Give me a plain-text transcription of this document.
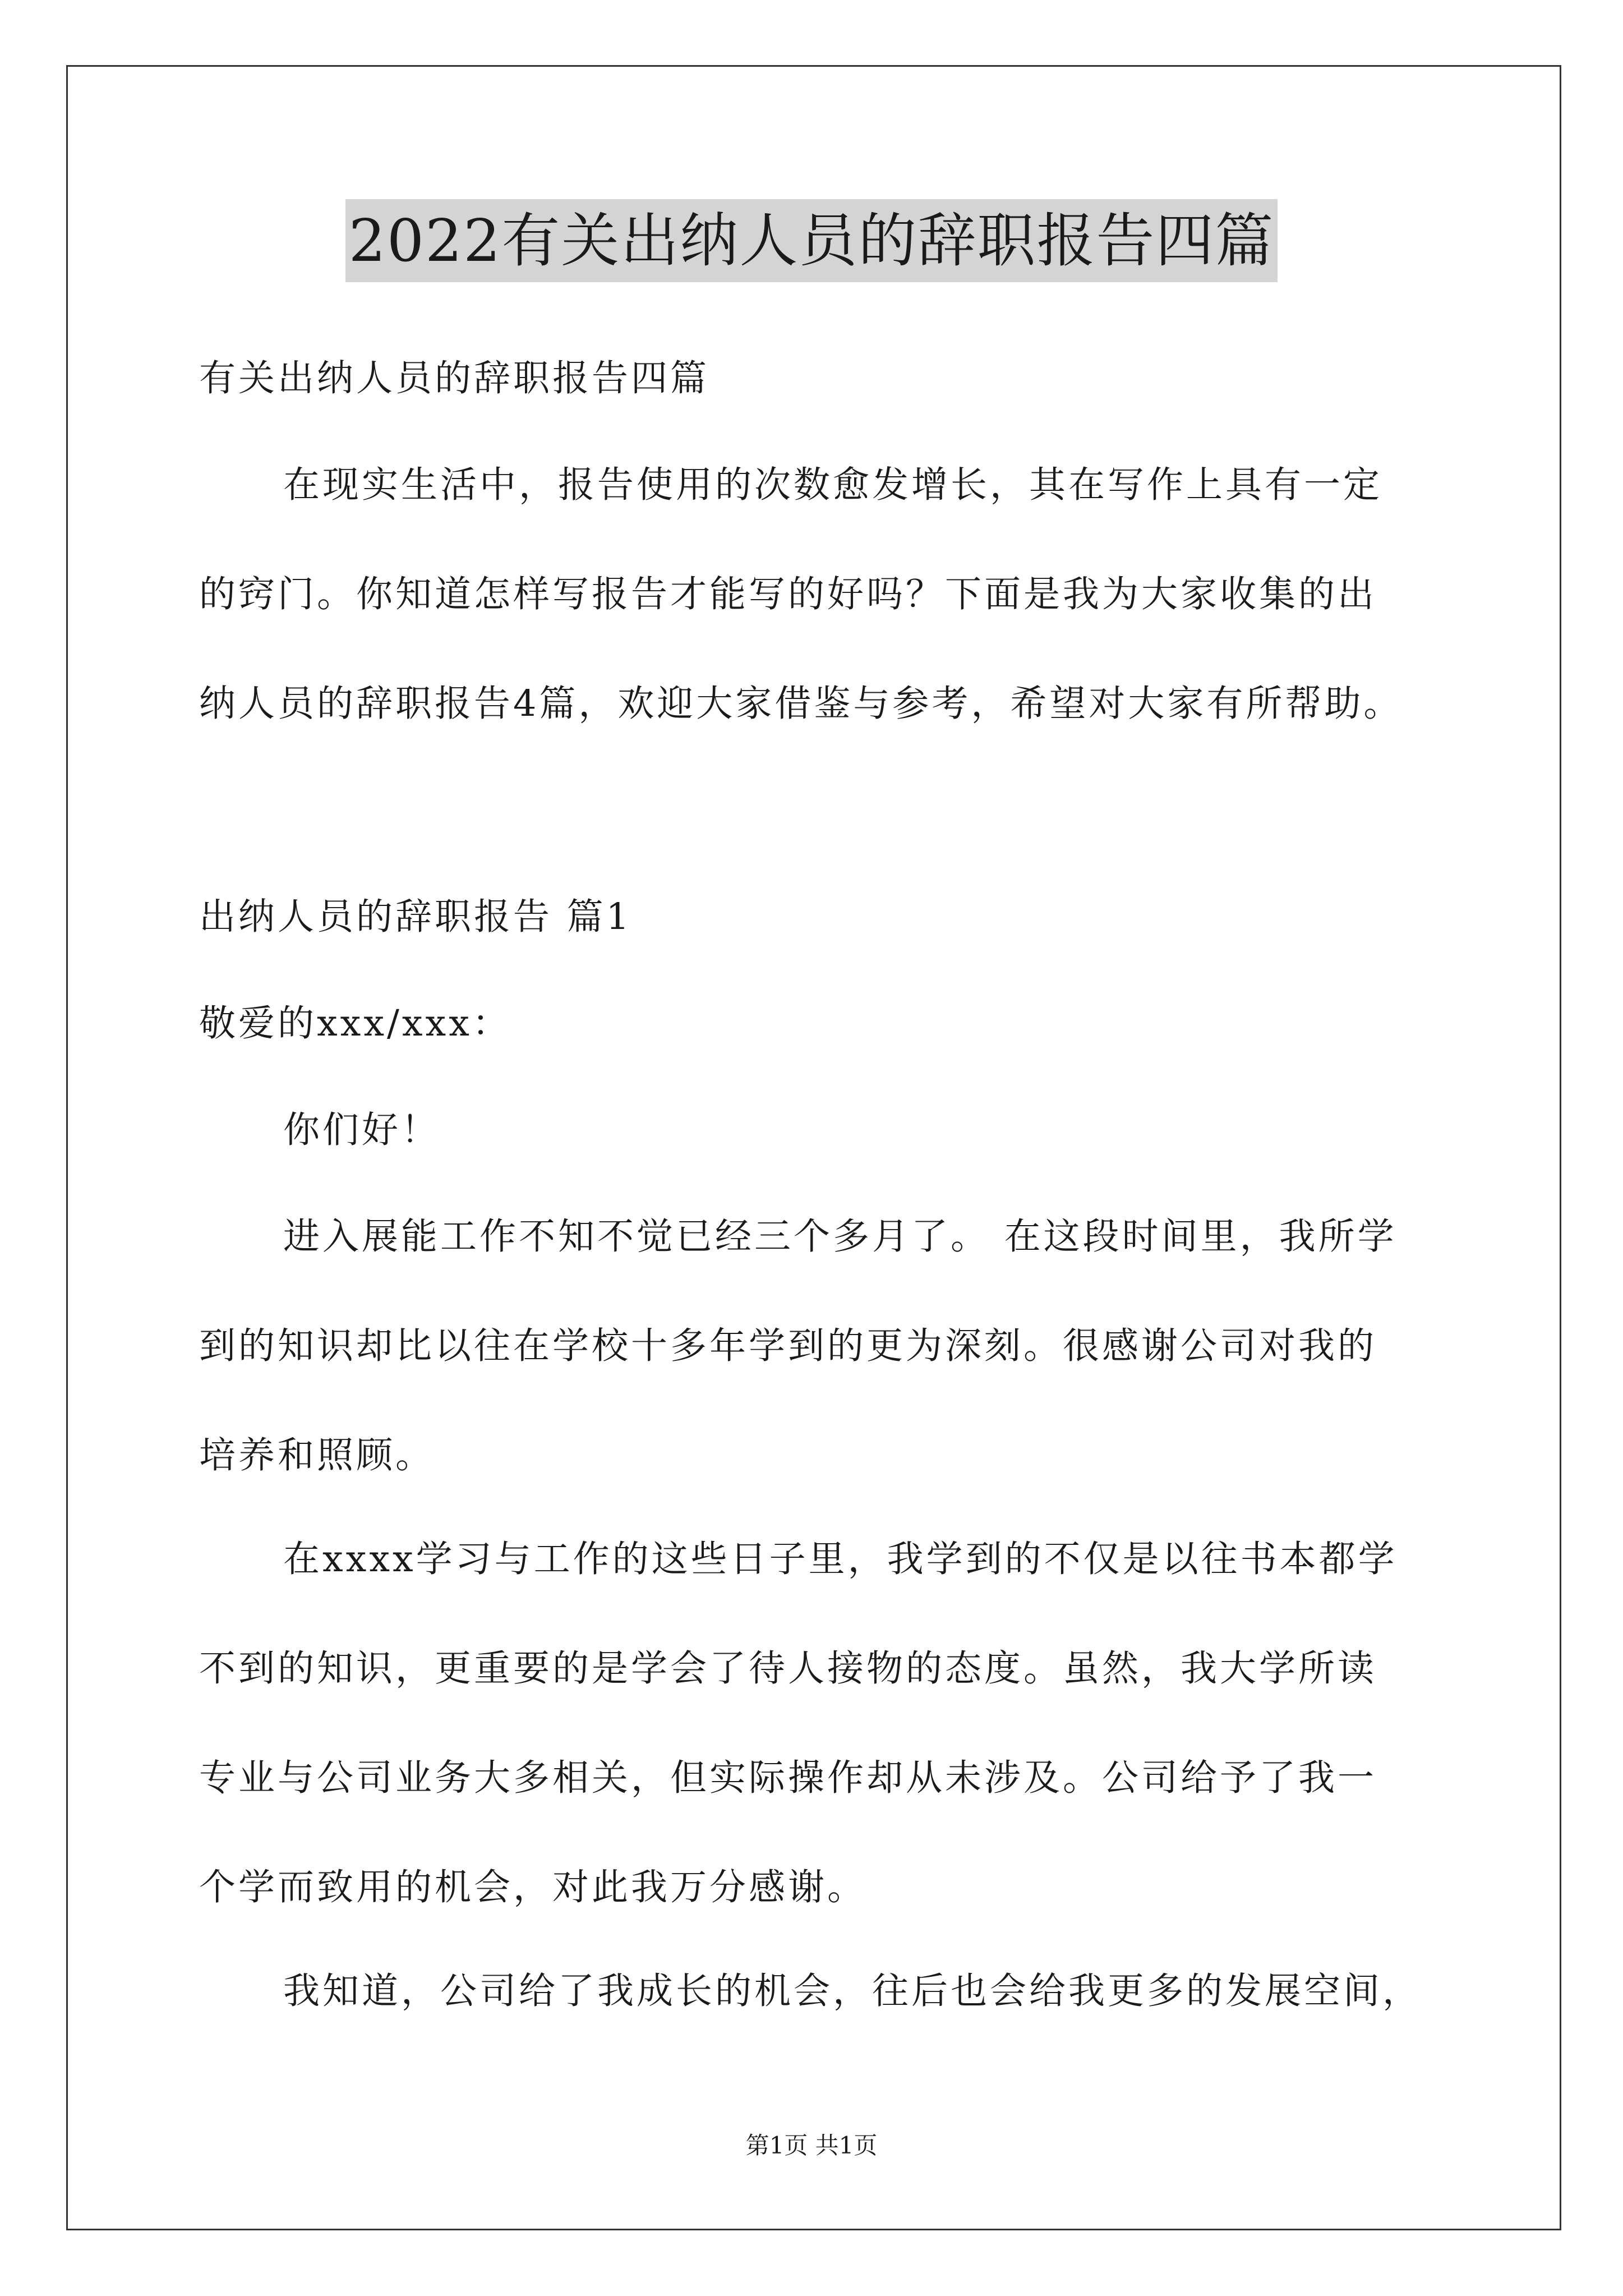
2022有关出纳人员的辞职报告四篇
有关出纳人员的辞职报告四篇
在现实生活中，报告使用的次数愈发增长，其在写作上具有一定
的窍门。你知道怎样写报告才能写的好吗？下面是我为大家收集的出
纳人员的辞职报告4篇，欢迎大家借鉴与参考，希望对大家有所帮助。
出纳人员的辞职报告 篇1
敬爱的xxx/xxx：
你们好！
进入展能工作不知不觉已经三个多月了。 在这段时间里，我所学
到的知识却比以往在学校十多年学到的更为深刻。很感谢公司对我的
培养和照顾。
在xxxx学习与工作的这些日子里，我学到的不仅是以往书本都学
不到的知识，更重要的是学会了待人接物的态度。虽然，我大学所读
专业与公司业务大多相关，但实际操作却从未涉及。公司给予了我一
个学而致用的机会，对此我万分感谢。
我知道，公司给了我成长的机会，往后也会给我更多的发展空间，
第1页 共1页
